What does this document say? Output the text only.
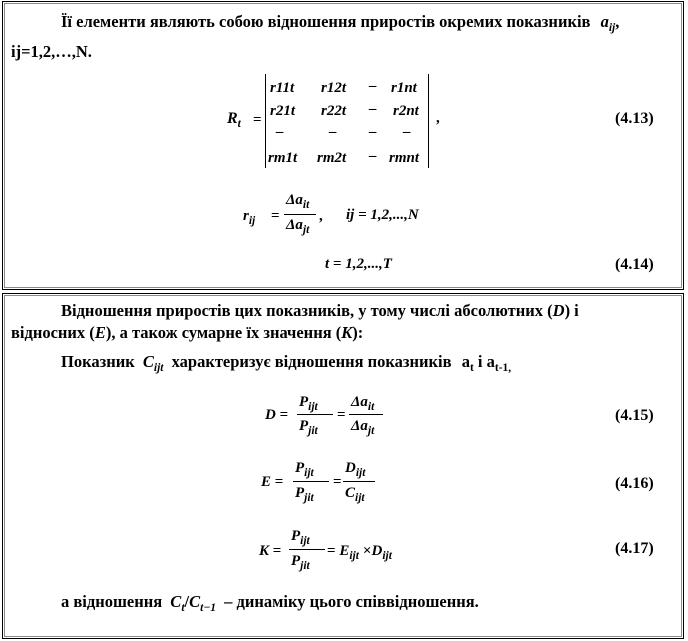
Її елементи являють собою відношення приростів окремих показників $a_{ij}$,
ij=1,2,…,N.
$R_t$ =
r11t r12t – r1nt
r21t r22t – r2nt
–	– – –
rm1t rm2t – rmnt
,	(4.13)
$r_{ij}$ =
$\Delta a_{it}$
$\Delta a_{jt}$
, ij = 1,2,...,N
t = 1,2,...,T	(4.14)
Відношення приростів цих показників, у тому числі абсолютних (D) і
відносних (E), а також сумарне їх значення (K):
Показник $C_{ijt}$ характеризує відношення показників $a_t$ і $a_{t-1,}$
D =
$P_{ijt}$
$P_{jit}$
=
$\Delta a_{it}$
$\Delta a_{jt}$
(4.15)
E =
$P_{ijt}$
$P_{jit}$
=
$D_{ijt}$
$C_{ijt}$
(4.16)
K =
$P_{ijt}$
$P_{jit}$
= $E_{ijt} \times D_{ijt}$	(4.17)
а відношення $C_t/C_{t-1}$ – динаміку цього співвідношення.
